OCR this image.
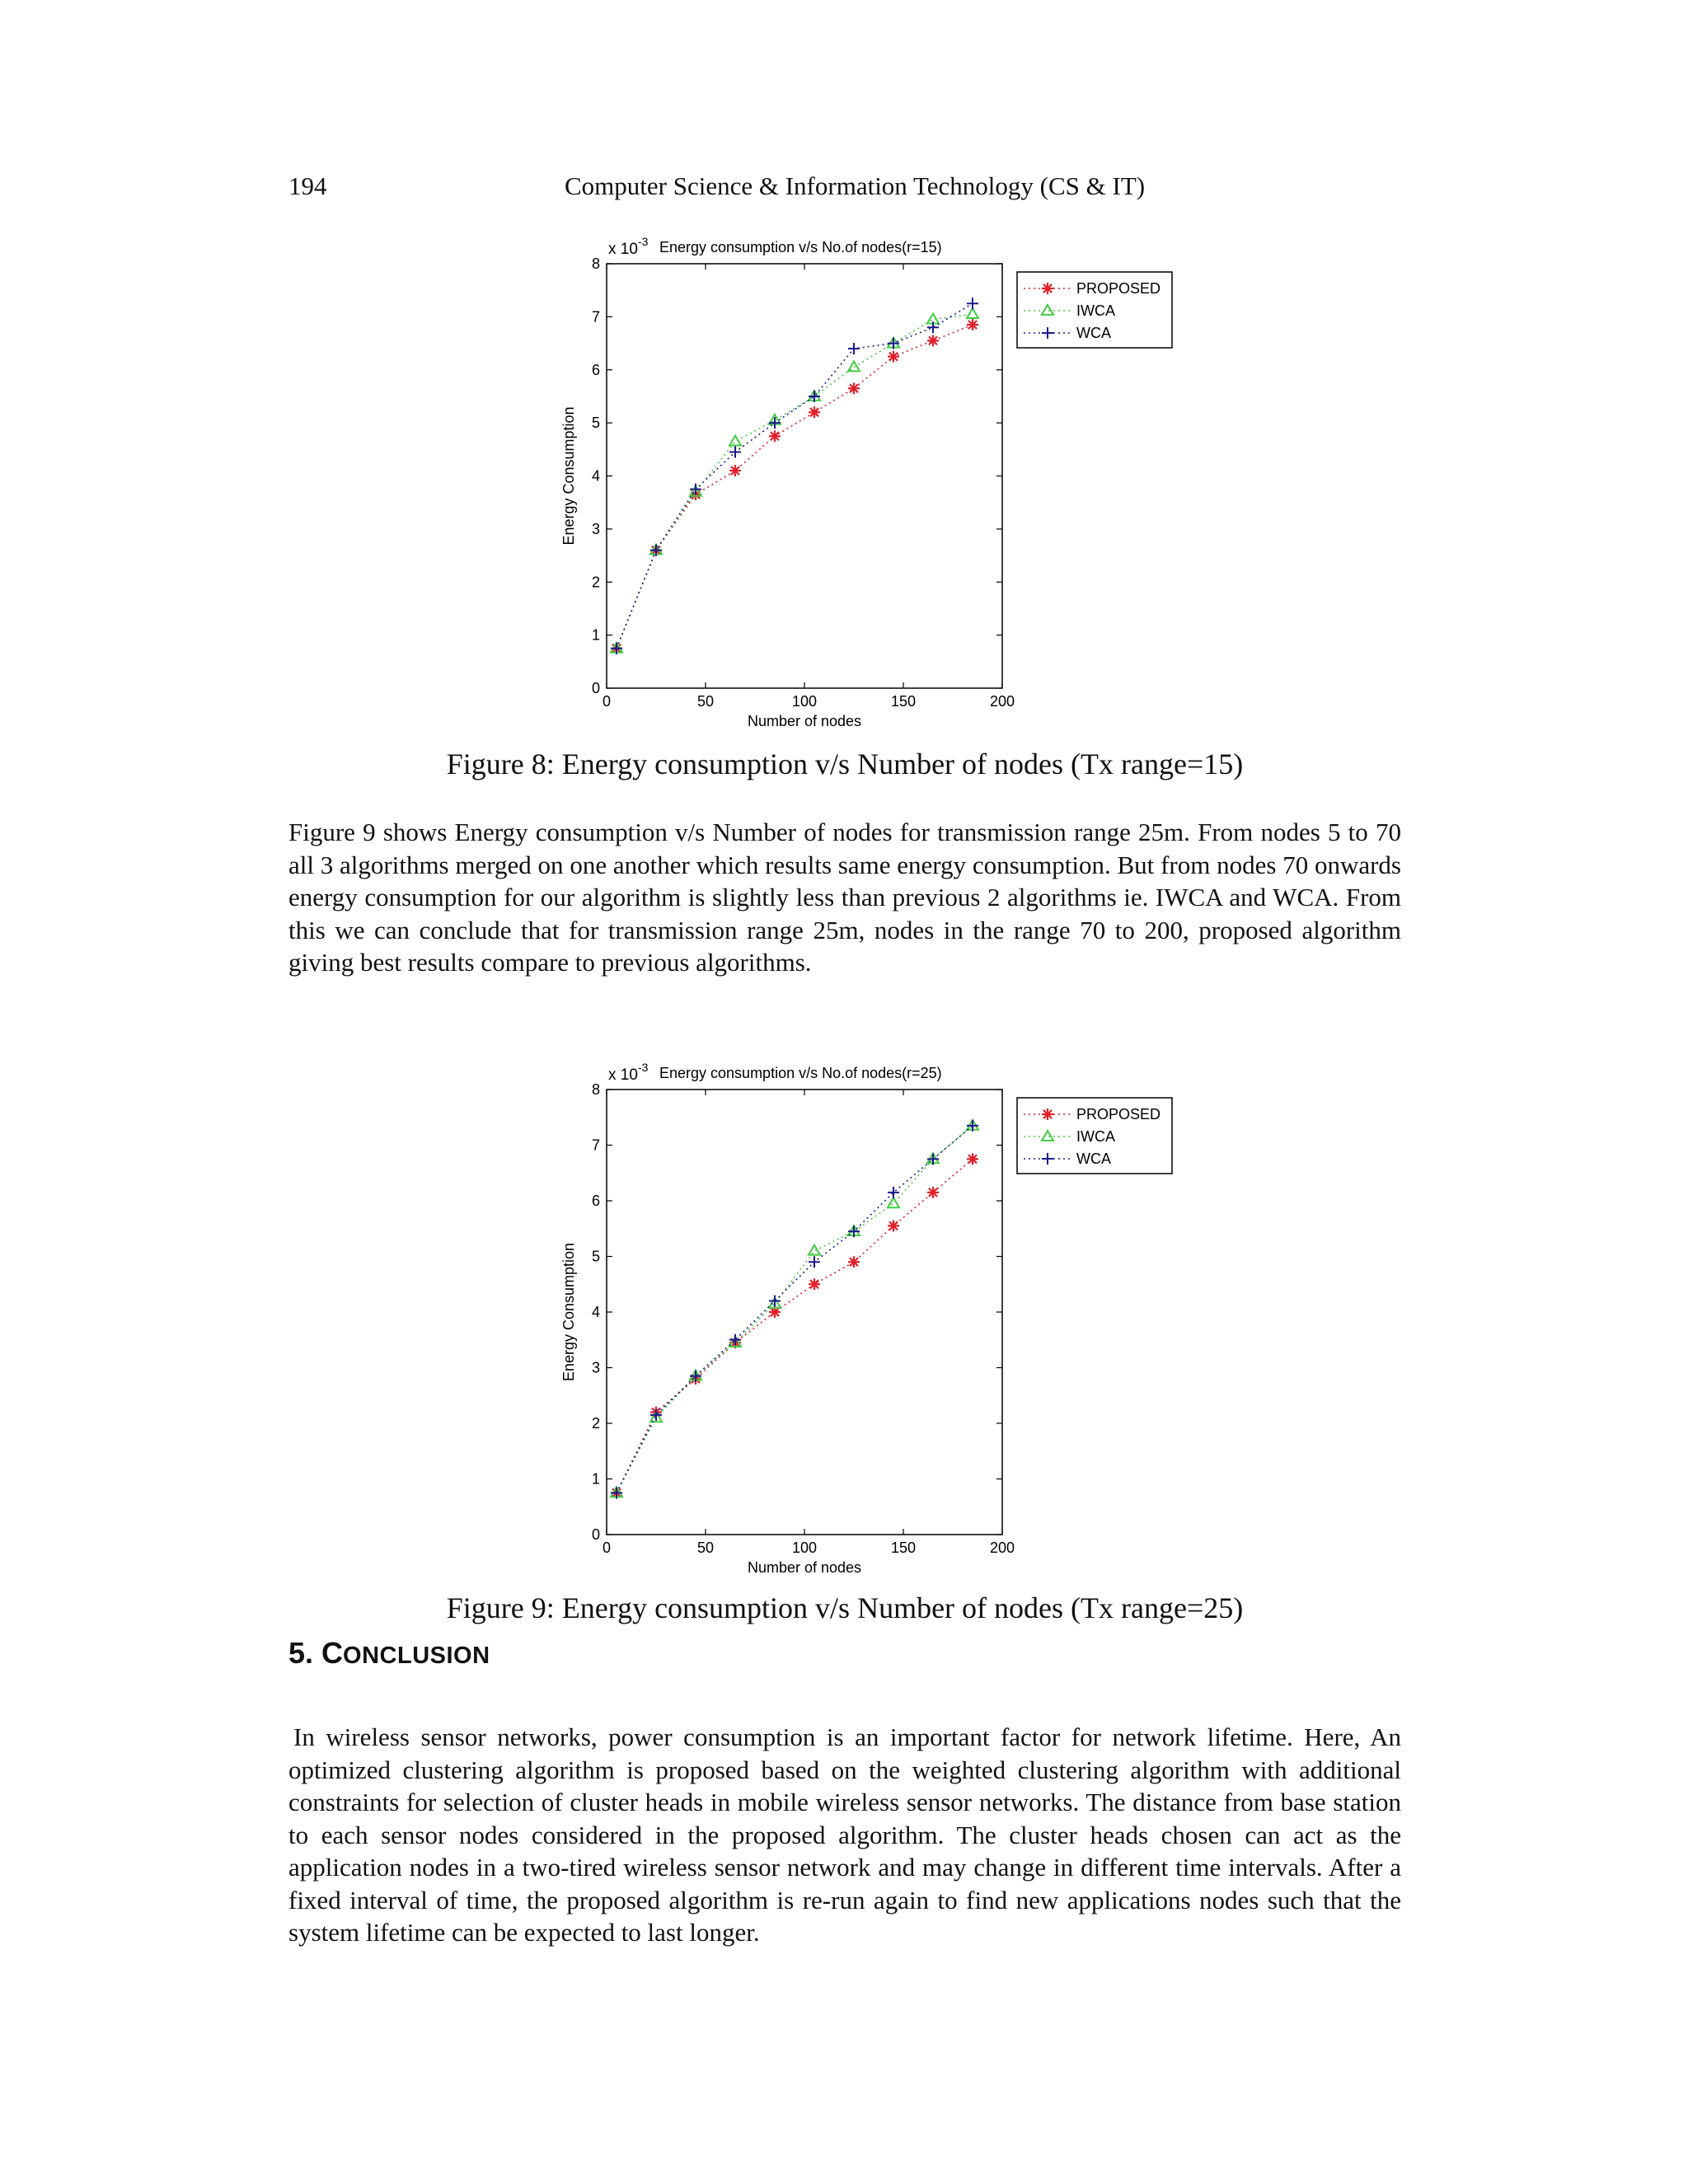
194	Computer Science & Information Technology (CS & IT)
x 10 -3 Energy consumption v/s No.of nodes(r=15)
0
1
2
3
4
5
6
7
8
0	50	100	150	200
Number of nodes
Energy Consumption
PROPOSED
IWCA
WCA
Figure 8: Energy consumption v/s Number of nodes (Tx range=15)

Figure 9 shows Energy consumption v/s Number of nodes for transmission range 25m. From nodes 5 to 70 all 3 algorithms merged on one another which results same energy consumption. But from nodes 70 onwards energy consumption for our algorithm is slightly less than previous 2 algorithms ie. IWCA and WCA. From this we can conclude that for transmission range 25m, nodes in the range 70 to 200, proposed algorithm giving best results compare to previous algorithms.

x 10 -3 Energy consumption v/s No.of nodes(r=25)
0
1
2
3
4
5
6
7
8
0	50	100	150	200
Number of nodes
Energy Consumption
PROPOSED
IWCA
WCA
Figure 9: Energy consumption v/s Number of nodes (Tx range=25)
5. CONCLUSION

In wireless sensor networks, power consumption is an important factor for network lifetime. Here, An optimized clustering algorithm is proposed based on the weighted clustering algorithm with additional constraints for selection of cluster heads in mobile wireless sensor networks. The distance from base station to each sensor nodes considered in the proposed algorithm. The cluster heads chosen can act as the application nodes in a two-tired wireless sensor network and may change in different time intervals. After a fixed interval of time, the proposed algorithm is re-run again to find new applications nodes such that the system lifetime can be expected to last longer.
